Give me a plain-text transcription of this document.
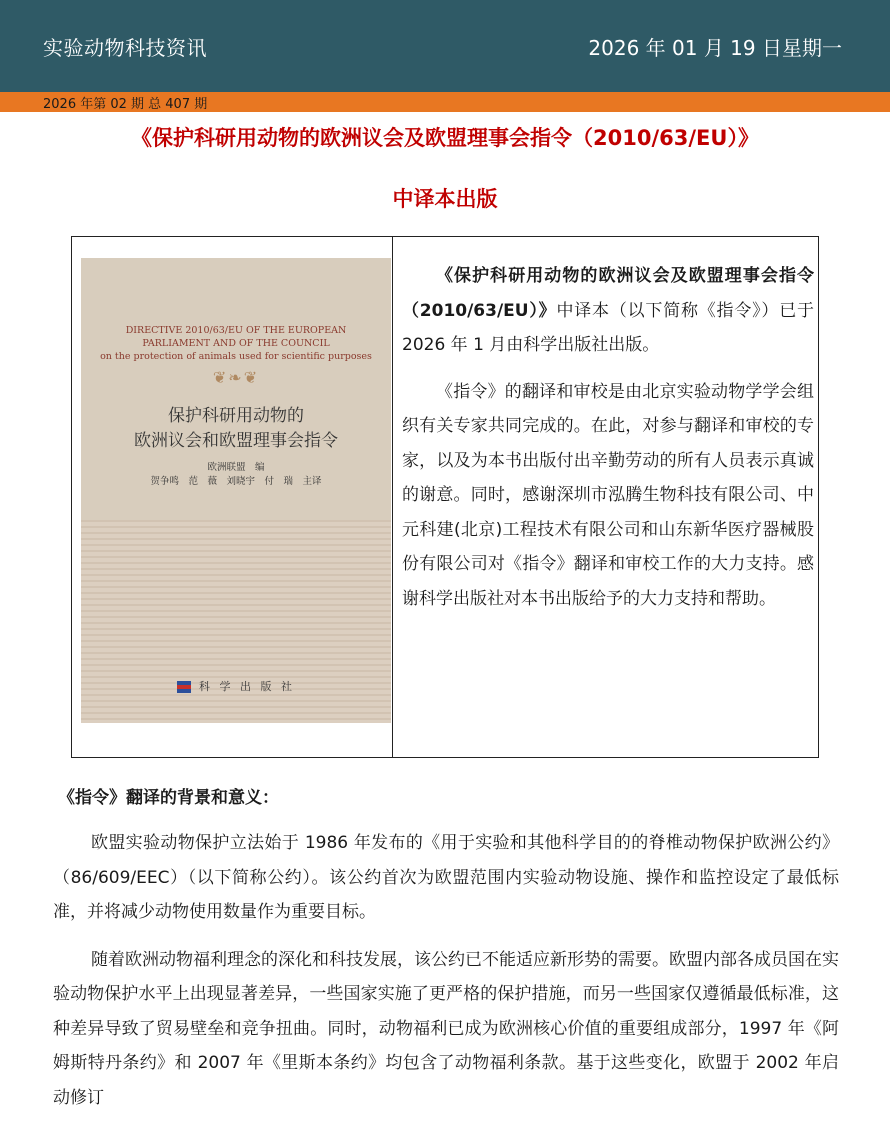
实验动物科技资讯	2026 年 01 月 19 日星期一
2026 年第 02 期 总 407 期
《保护科研用动物的欧洲议会及欧盟理事会指令（2010/63/EU）》
中译本出版
DIRECTIVE 2010/63/EU OF THE EUROPEAN
PARLIAMENT AND OF THE COUNCIL
on the protection of animals used for scientific purposes
❦❧❦
保护科研用动物的
欧洲议会和欧盟理事会指令
欧洲联盟　编
贺争鸣　范　薇　刘晓宇　付　瑞　主译
科 学 出 版 社

《保护科研用动物的欧洲议会及欧盟理事会指令（2010/63/EU）》中译本（以下简称《指令》）已于 2026 年 1 月由科学出版社出版。

《指令》的翻译和审校是由北京实验动物学学会组织有关专家共同完成的。在此，对参与翻译和审校的专家，以及为本书出版付出辛勤劳动的所有人员表示真诚的谢意。同时，感谢深圳市泓腾生物科技有限公司、中元科建(北京)工程技术有限公司和山东新华医疗器械股份有限公司对《指令》翻译和审校工作的大力支持。感谢科学出版社对本书出版给予的大力支持和帮助。

《指令》翻译的背景和意义：

欧盟实验动物保护立法始于 1986 年发布的《用于实验和其他科学目的的脊椎动物保护欧洲公约》（86/609/EEC）（以下简称公约）。该公约首次为欧盟范围内实验动物设施、操作和监控设定了最低标准，并将减少动物使用数量作为重要目标。

随着欧洲动物福利理念的深化和科技发展，该公约已不能适应新形势的需要。欧盟内部各成员国在实验动物保护水平上出现显著差异，一些国家实施了更严格的保护措施，而另一些国家仅遵循最低标准，这种差异导致了贸易壁垒和竞争扭曲。同时，动物福利已成为欧洲核心价值的重要组成部分，1997 年《阿姆斯特丹条约》和 2007 年《里斯本条约》均包含了动物福利条款。基于这些变化，欧盟于 2002 年启动修订
